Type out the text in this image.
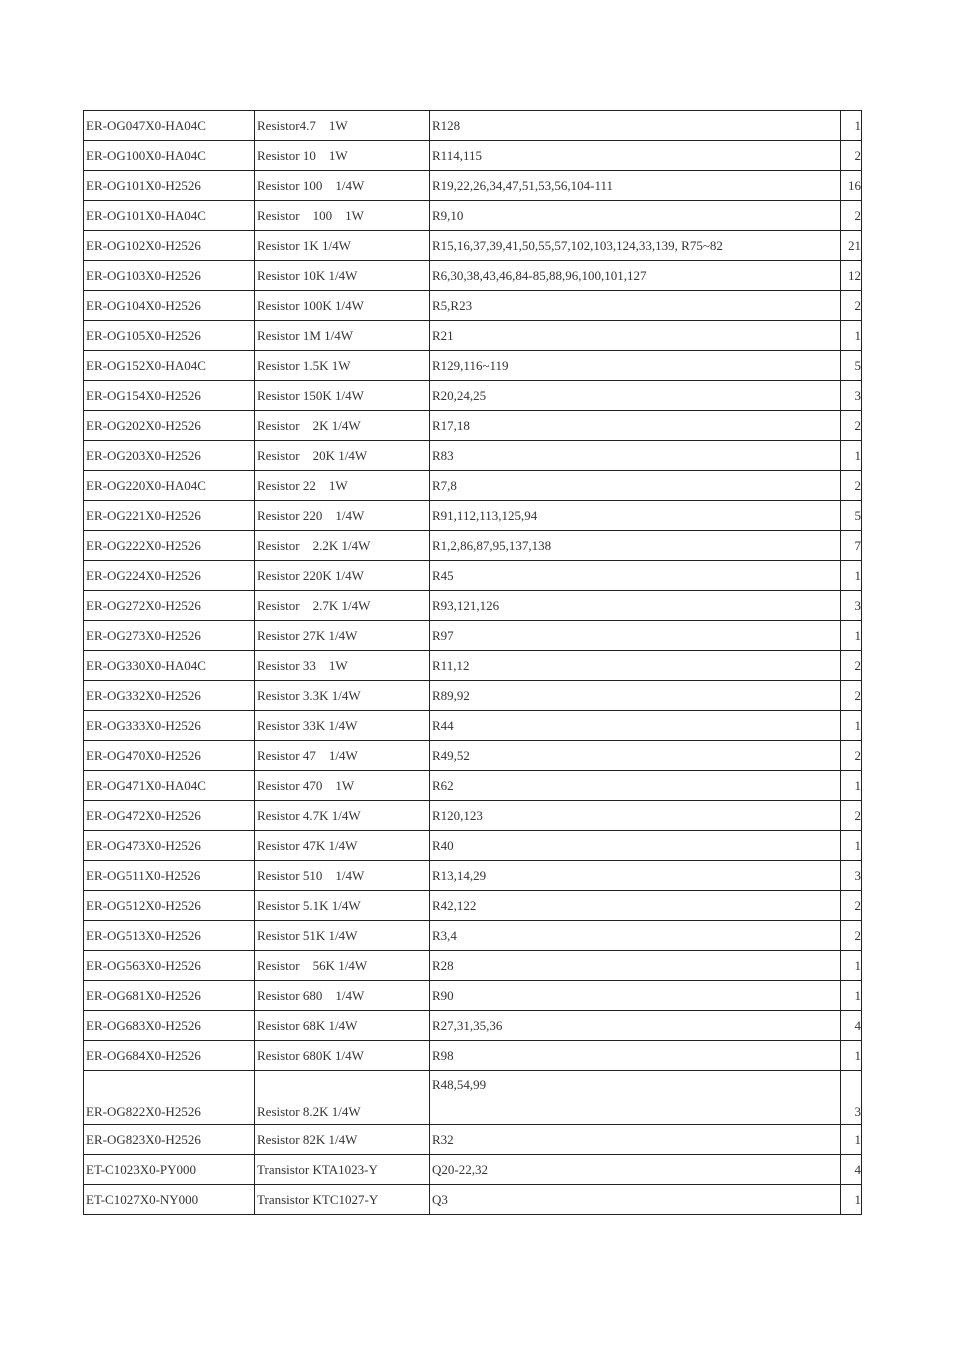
ER-OG047X0-HA04C	Resistor4.7    1W	R128	1
ER-OG100X0-HA04C	Resistor 10    1W	R114,115	2
ER-OG101X0-H2526	Resistor 100    1/4W	R19,22,26,34,47,51,53,56,104-111	16
ER-OG101X0-HA04C	Resistor    100    1W	R9,10	2
ER-OG102X0-H2526	Resistor 1K 1/4W	R15,16,37,39,41,50,55,57,102,103,124,33,139, R75~82	21
ER-OG103X0-H2526	Resistor 10K 1/4W	R6,30,38,43,46,84-85,88,96,100,101,127	12
ER-OG104X0-H2526	Resistor 100K 1/4W	R5,R23	2
ER-OG105X0-H2526	Resistor 1M 1/4W	R21	1
ER-OG152X0-HA04C	Resistor 1.5K 1W	R129,116~119	5
ER-OG154X0-H2526	Resistor 150K 1/4W	R20,24,25	3
ER-OG202X0-H2526	Resistor    2K 1/4W	R17,18	2
ER-OG203X0-H2526	Resistor    20K 1/4W	R83	1
ER-OG220X0-HA04C	Resistor 22    1W	R7,8	2
ER-OG221X0-H2526	Resistor 220    1/4W	R91,112,113,125,94	5
ER-OG222X0-H2526	Resistor    2.2K 1/4W	R1,2,86,87,95,137,138	7
ER-OG224X0-H2526	Resistor 220K 1/4W	R45	1
ER-OG272X0-H2526	Resistor    2.7K 1/4W	R93,121,126	3
ER-OG273X0-H2526	Resistor 27K 1/4W	R97	1
ER-OG330X0-HA04C	Resistor 33    1W	R11,12	2
ER-OG332X0-H2526	Resistor 3.3K 1/4W	R89,92	2
ER-OG333X0-H2526	Resistor 33K 1/4W	R44	1
ER-OG470X0-H2526	Resistor 47    1/4W	R49,52	2
ER-OG471X0-HA04C	Resistor 470    1W	R62	1
ER-OG472X0-H2526	Resistor 4.7K 1/4W	R120,123	2
ER-OG473X0-H2526	Resistor 47K 1/4W	R40	1
ER-OG511X0-H2526	Resistor 510    1/4W	R13,14,29	3
ER-OG512X0-H2526	Resistor 5.1K 1/4W	R42,122	2
ER-OG513X0-H2526	Resistor 51K 1/4W	R3,4	2
ER-OG563X0-H2526	Resistor    56K 1/4W	R28	1
ER-OG681X0-H2526	Resistor 680    1/4W	R90	1
ER-OG683X0-H2526	Resistor 68K 1/4W	R27,31,35,36	4
ER-OG684X0-H2526	Resistor 680K 1/4W	R98	1
ER-OG822X0-H2526	Resistor 8.2K 1/4W	R48,54,99	3
ER-OG823X0-H2526	Resistor 82K 1/4W	R32	1
ET-C1023X0-PY000	Transistor KTA1023-Y	Q20-22,32	4
ET-C1027X0-NY000	Transistor KTC1027-Y	Q3	1
